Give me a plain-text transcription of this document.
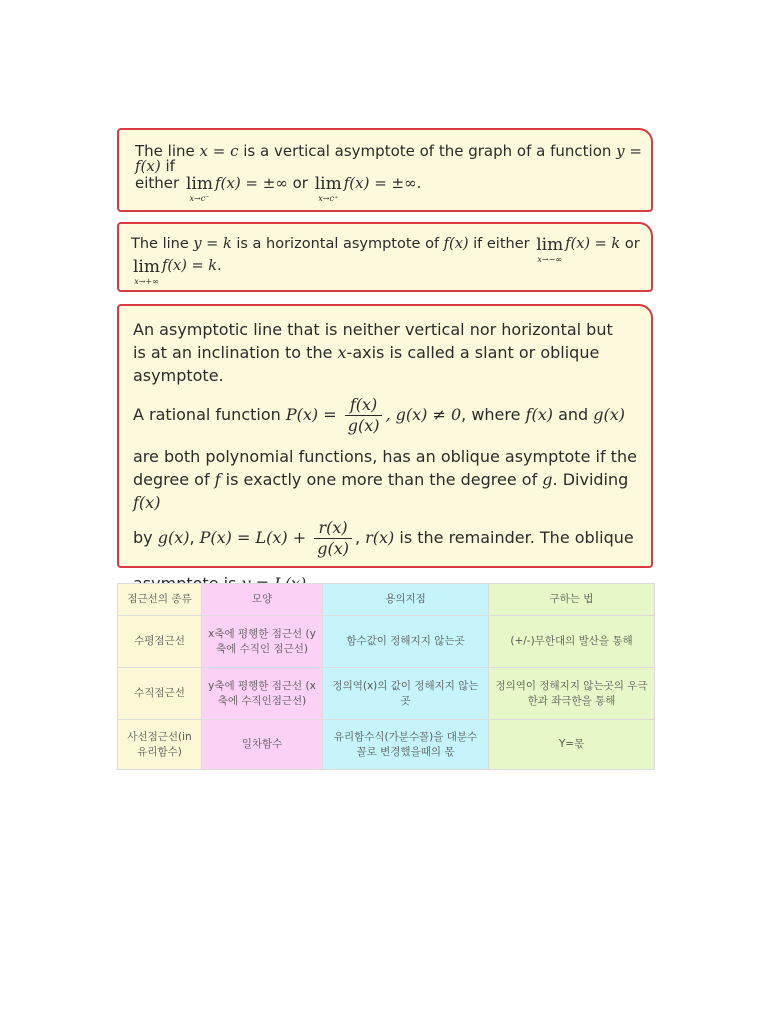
The line x = c is a vertical asymptote of the graph of a function y = f(x) if
either lim
x→c⁻
f(x) = ±∞ or lim
x→c⁺
f(x) = ±∞.
The line y = k is a horizontal asymptote of f(x) if either lim
x→−∞
f(x) = k or
lim
x→+∞
f(x) = k.

An asymptotic line that is neither vertical nor horizontal but is at an inclination to the x-axis is called a slant or oblique asymptote.

A rational function $P(x) = \frac{f(x)}{g(x)}$ , g(x) ≠ 0, where f(x) and g(x)

are both polynomial functions, has an oblique asymptote if the degree of f is exactly one more than the degree of g. Dividing f(x)

by g(x), $P(x) = L(x) + \frac{r(x)}{g(x)}$ , r(x) is the remainder. The oblique

점근선의 종류	모양	용의지점	구하는 법
수평점근선	x축에 평행한 점근선 (y축에 수직인 점근선)	함수값이 정해지지 않는곳	(+/-)무한대의 발산을 통해
수직점근선	y축에 평행한 점근선 (x축에 수직인점근선)	정의역(x)의 값이 정해지지 않는 곳	정의역이 정해지지 않는곳의 우극한과 좌극한을 통해
사선점근선(in 유리함수)	일차함수	유리함수식(가분수꼴)을 대분수꼴로 변경했을때의 몫	Y=몫
